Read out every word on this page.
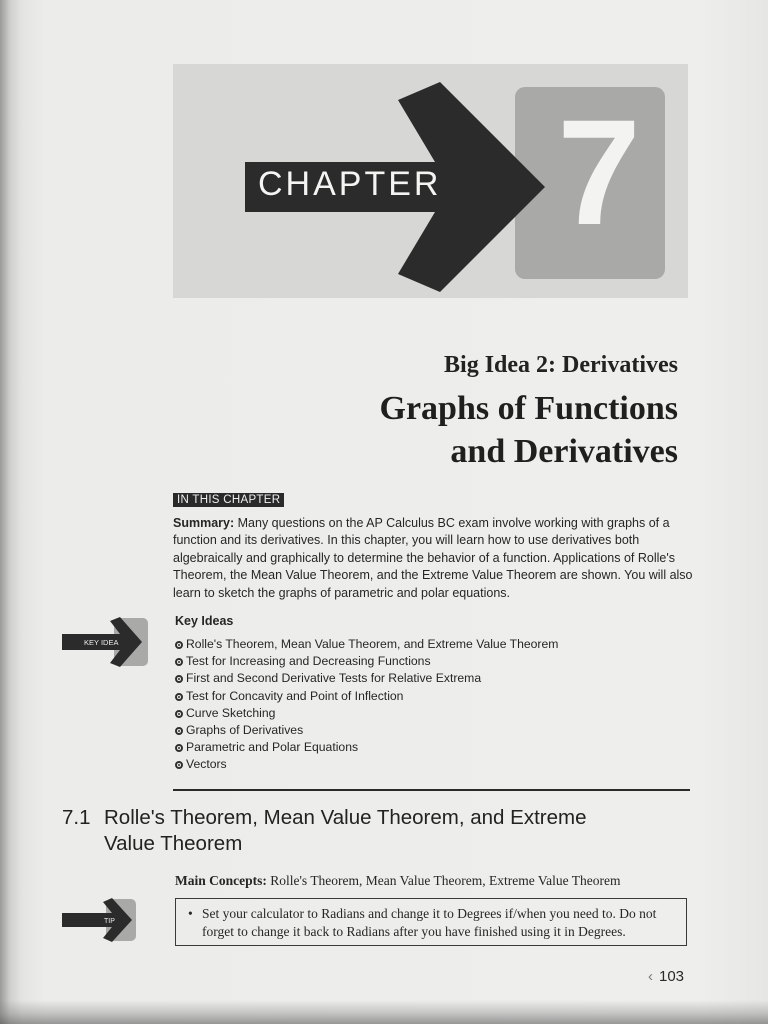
7
CHAPTER
Big Idea 2: Derivatives
Graphs of Functions
and Derivatives
IN THIS CHAPTER
Summary: Many questions on the AP Calculus BC exam involve working with graphs of a function and its derivatives. In this chapter, you will learn how to use derivatives both algebraically and graphically to determine the behavior of a function. Applications of Rolle's Theorem, the Mean Value Theorem, and the Extreme Value Theorem are shown. You will also learn to sketch the graphs of parametric and polar equations.
KEY IDEA
Key Ideas
Rolle's Theorem, Mean Value Theorem, and Extreme Value Theorem
Test for Increasing and Decreasing Functions
First and Second Derivative Tests for Relative Extrema
Test for Concavity and Point of Inflection
Curve Sketching
Graphs of Derivatives
Parametric and Polar Equations
Vectors
7.1 Rolle's Theorem, Mean Value Theorem, and Extreme
Value Theorem
Main Concepts: Rolle's Theorem, Mean Value Theorem, Extreme Value Theorem
TIP
• Set your calculator to Radians and change it to Degrees if/when you need to. Do not forget to change it back to Radians after you have finished using it in Degrees.
‹ 103
